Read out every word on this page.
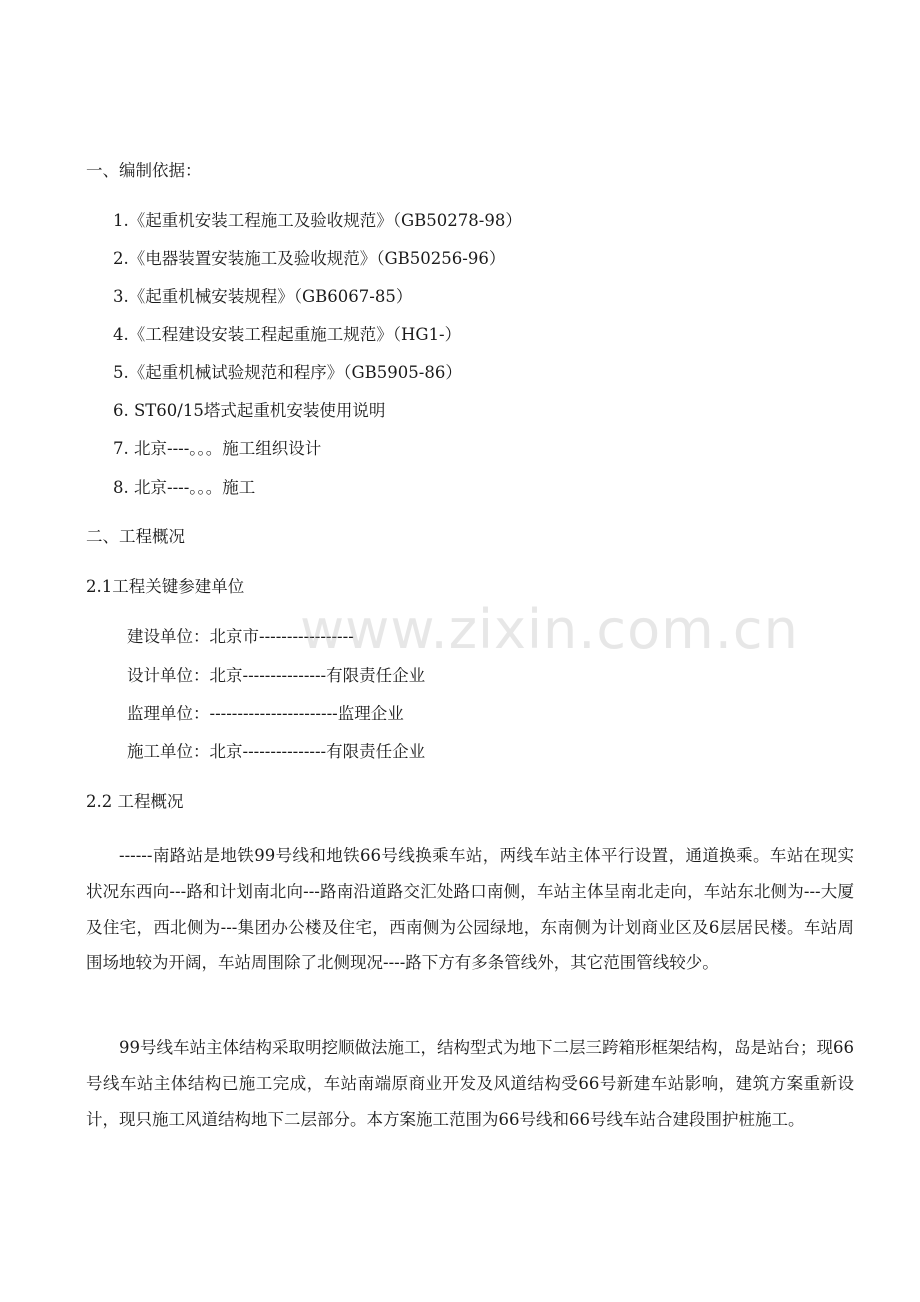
一、编制依据：
1.《起重机安装工程施工及验收规范》（GB50278-98）
2.《电器装置安装施工及验收规范》（GB50256-96）
3.《起重机械安装规程》（GB6067-85）
4.《工程建设安装工程起重施工规范》（HG1-）
5.《起重机械试验规范和程序》（GB5905-86）
6. ST60/15塔式起重机安装使用说明
7. 北京----。。。施工组织设计
8. 北京----。。。施工
二、工程概况
2.1工程关键参建单位
建设单位：北京市-----------------
设计单位：北京---------------有限责任企业
监理单位：-----------------------监理企业
施工单位：北京---------------有限责任企业
2.2 工程概况

------南路站是地铁99号线和地铁66号线换乘车站，两线车站主体平行设置，通道换乘。车站在现实状况东西向---路和计划南北向---路南沿道路交汇处路口南侧，车站主体呈南北走向，车站东北侧为---大厦及住宅，西北侧为---集团办公楼及住宅，西南侧为公园绿地，东南侧为计划商业区及6层居民楼。车站周围场地较为开阔，车站周围除了北侧现况----路下方有多条管线外，其它范围管线较少。

99号线车站主体结构采取明挖顺做法施工，结构型式为地下二层三跨箱形框架结构，岛是站台；现66号线车站主体结构已施工完成，车站南端原商业开发及风道结构受66号新建车站影响，建筑方案重新设计，现只施工风道结构地下二层部分。本方案施工范围为66号线和66号线车站合建段围护桩施工。

www.zixin.com.cn
